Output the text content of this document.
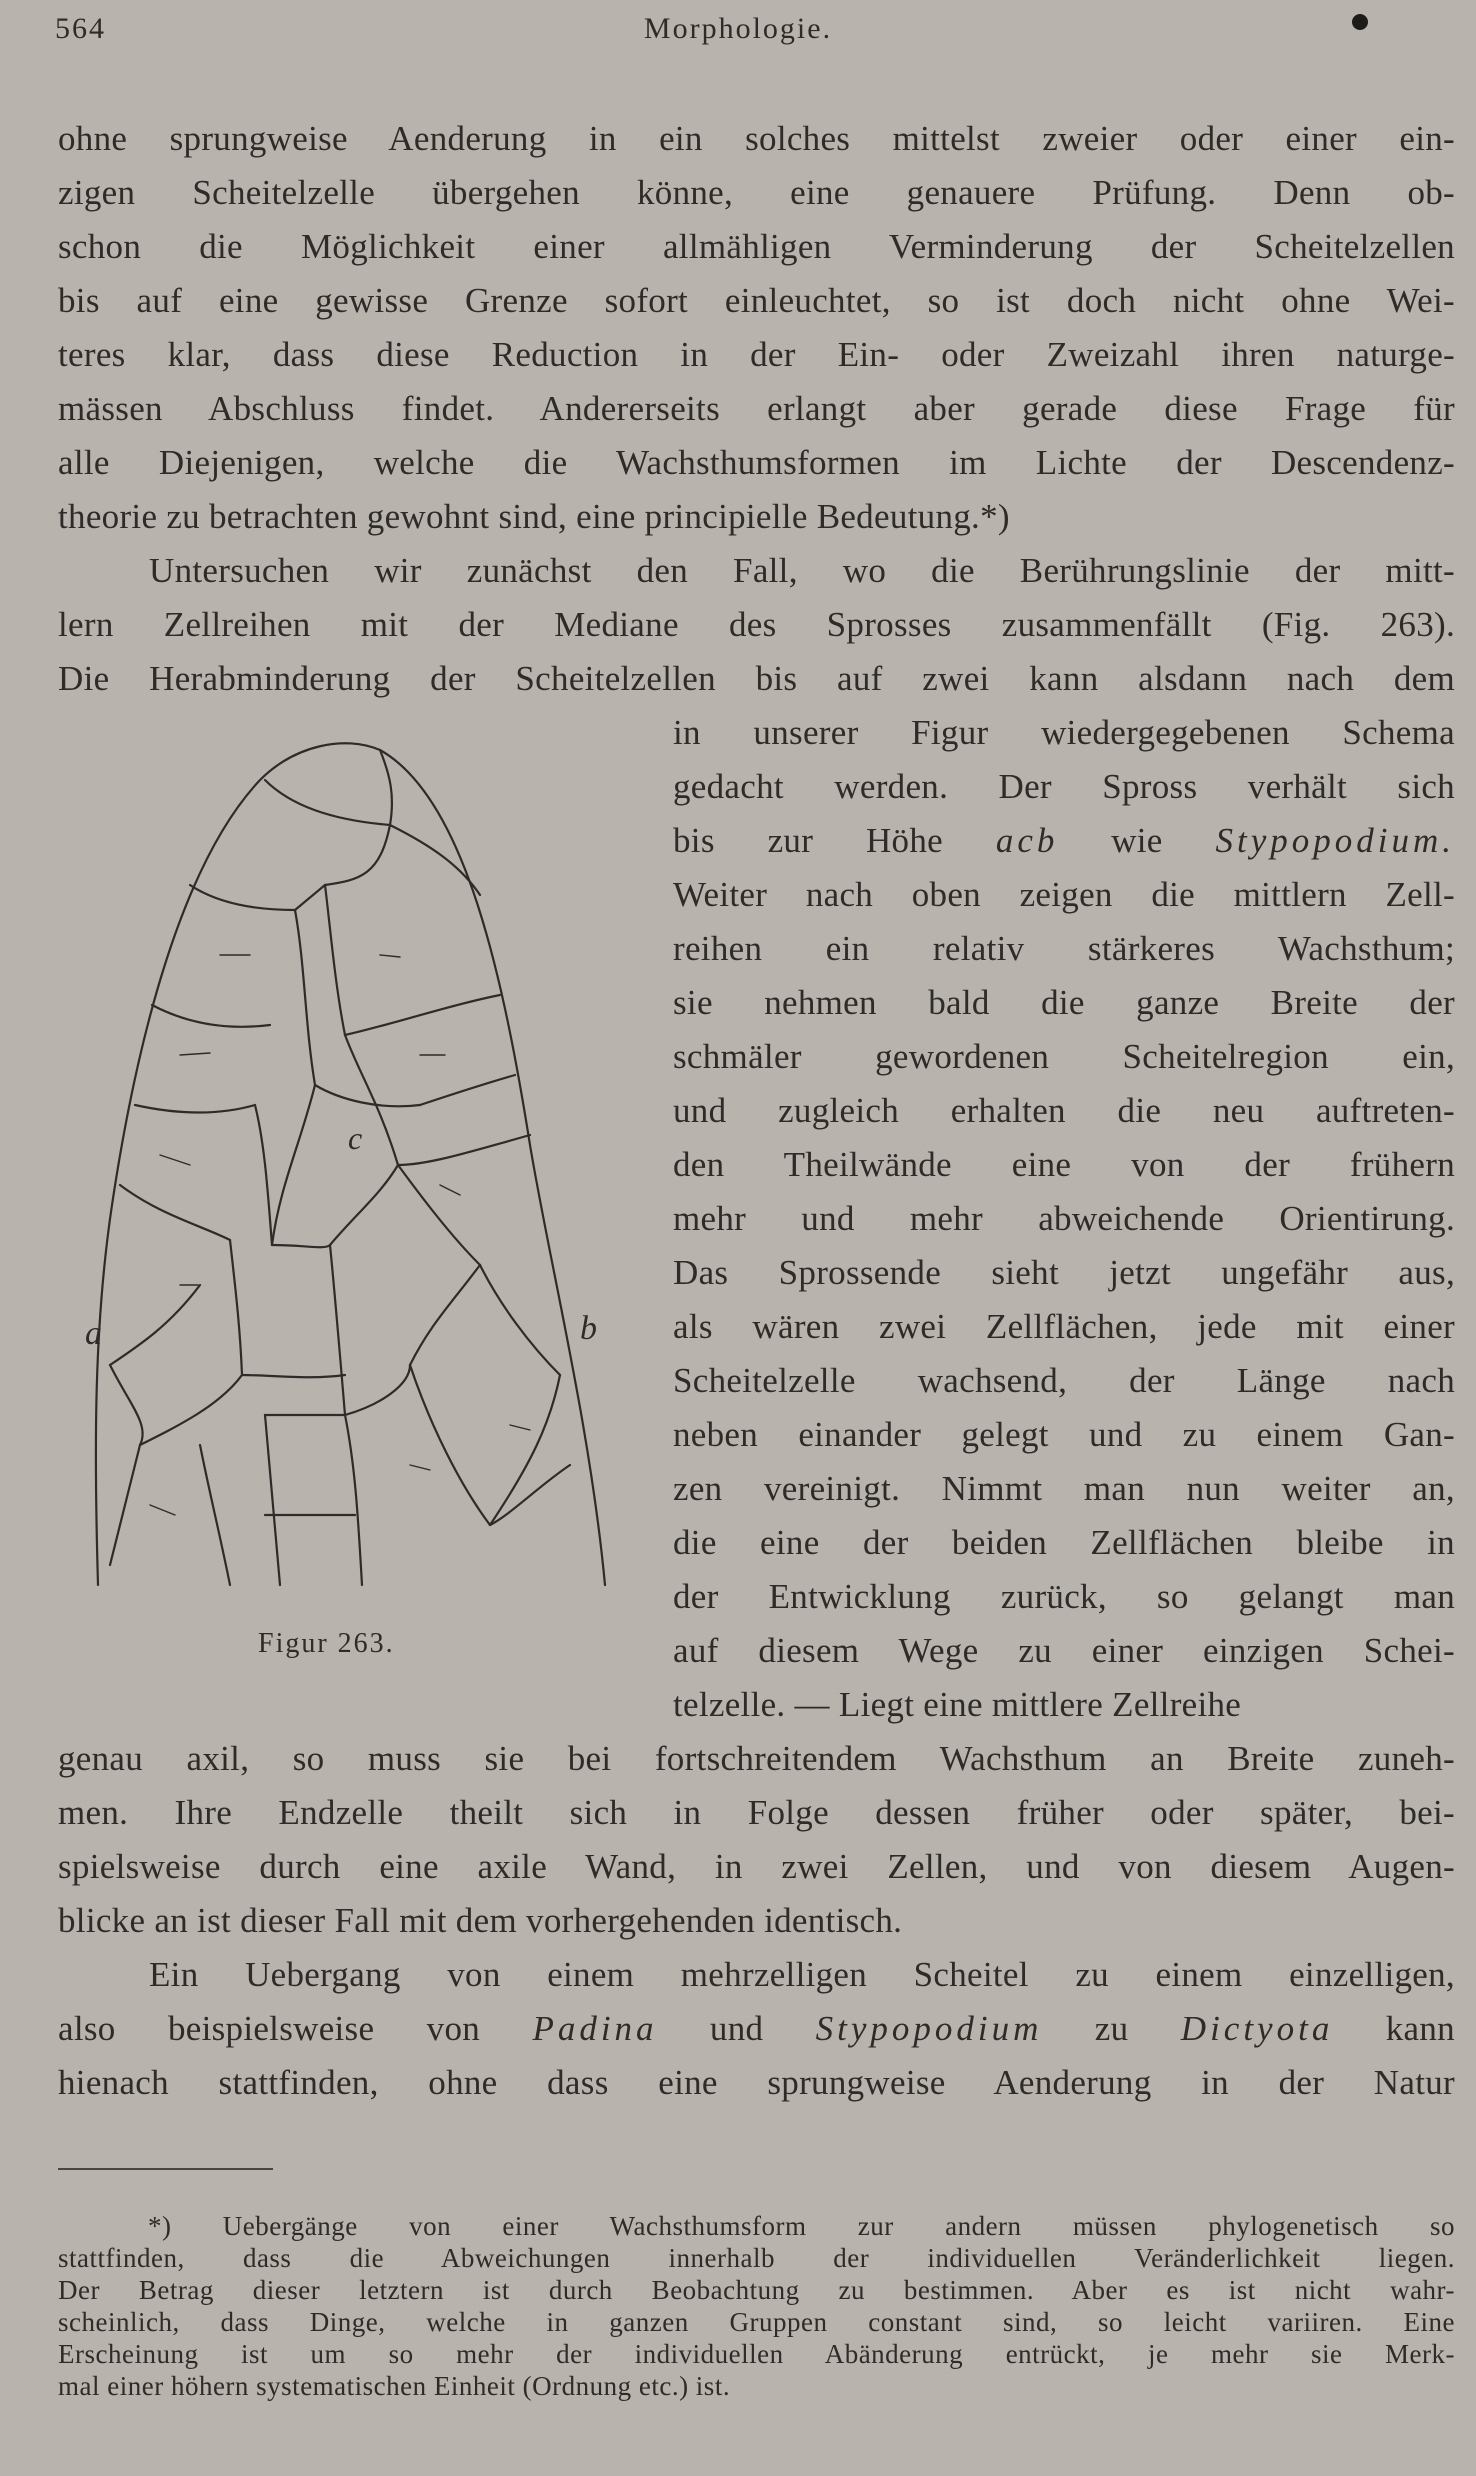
564	Morphologie.
ohne sprungweise Aenderung in ein solches mittelst zweier oder einer ein-
zigen Scheitelzelle übergehen könne, eine genauere Prüfung. Denn ob-
schon die Möglichkeit einer allmähligen Verminderung der Scheitelzellen
bis auf eine gewisse Grenze sofort einleuchtet, so ist doch nicht ohne Wei-
teres klar, dass diese Reduction in der Ein- oder Zweizahl ihren naturge-
mässen Abschluss findet. Andererseits erlangt aber gerade diese Frage für
alle Diejenigen, welche die Wachsthumsformen im Lichte der Descendenz-
theorie zu betrachten gewohnt sind, eine principielle Bedeutung.*)
Untersuchen wir zunächst den Fall, wo die Berührungslinie der mitt-
lern Zellreihen mit der Mediane des Sprosses zusammenfällt (Fig. 263).
Die Herabminderung der Scheitelzellen bis auf zwei kann alsdann nach dem
in unserer Figur wiedergegebenen Schema
gedacht werden. Der Spross verhält sich
bis zur Höhe acb wie Stypopodium.
Weiter nach oben zeigen die mittlern Zell-
reihen ein relativ stärkeres Wachsthum;
sie nehmen bald die ganze Breite der
schmäler gewordenen Scheitelregion ein,
und zugleich erhalten die neu auftreten-
den Theilwände eine von der frühern
mehr und mehr abweichende Orientirung.
Das Sprossende sieht jetzt ungefähr aus,
als wären zwei Zellflächen, jede mit einer
Scheitelzelle wachsend, der Länge nach
neben einander gelegt und zu einem Gan-
zen vereinigt. Nimmt man nun weiter an,
die eine der beiden Zellflächen bleibe in
der Entwicklung zurück, so gelangt man
auf diesem Wege zu einer einzigen Schei-
telzelle. — Liegt eine mittlere Zellreihe
genau axil, so muss sie bei fortschreitendem Wachsthum an Breite zuneh-
men. Ihre Endzelle theilt sich in Folge dessen früher oder später, bei-
spielsweise durch eine axile Wand, in zwei Zellen, und von diesem Augen-
blicke an ist dieser Fall mit dem vorhergehenden identisch.
Ein Uebergang von einem mehrzelligen Scheitel zu einem einzelligen,
also beispielsweise von Padina und Stypopodium zu Dictyota kann
hienach stattfinden, ohne dass eine sprungweise Aenderung in der Natur
a	b
c
Figur 263.
*) Uebergänge von einer Wachsthumsform zur andern müssen phylogenetisch so
stattfinden, dass die Abweichungen innerhalb der individuellen Veränderlichkeit liegen.
Der Betrag dieser letztern ist durch Beobachtung zu bestimmen. Aber es ist nicht wahr-
scheinlich, dass Dinge, welche in ganzen Gruppen constant sind, so leicht variiren. Eine
Erscheinung ist um so mehr der individuellen Abänderung entrückt, je mehr sie Merk-
mal einer höhern systematischen Einheit (Ordnung etc.) ist.
